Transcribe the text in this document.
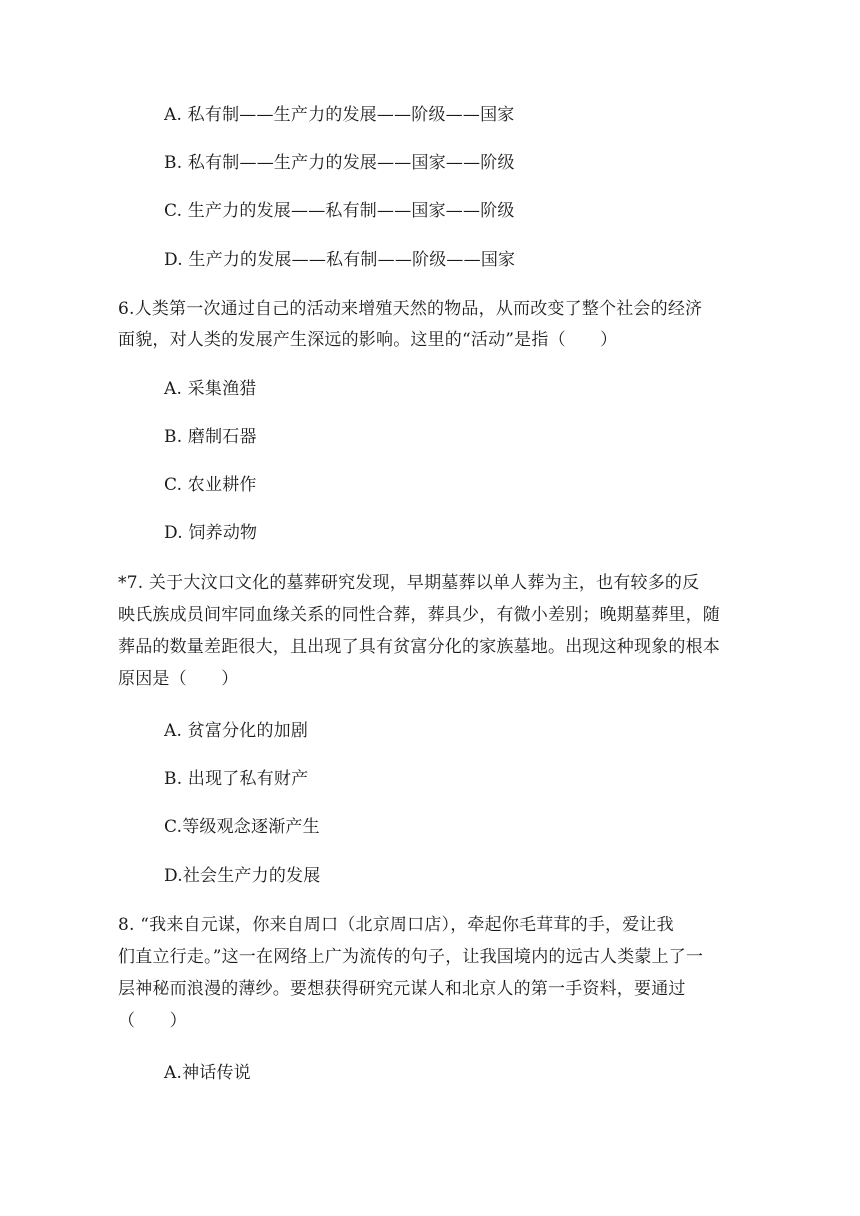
A. 私有制——生产力的发展——阶级——国家
B. 私有制——生产力的发展——国家——阶级
C. 生产力的发展——私有制——国家——阶级
D. 生产力的发展——私有制——阶级——国家
6.人类第一次通过自己的活动来增殖天然的物品，从而改变了整个社会的经济
面貌，对人类的发展产生深远的影响。这里的“活动”是指（　　）
A. 采集渔猎
B. 磨制石器
C. 农业耕作
D. 饲养动物
*7. 关于大汶口文化的墓葬研究发现，早期墓葬以单人葬为主，也有较多的反
映氏族成员间牢同血缘关系的同性合葬，葬具少，有微小差别；晚期墓葬里，随
葬品的数量差距很大，且出现了具有贫富分化的家族墓地。出现这种现象的根本
原因是（　　）
A. 贫富分化的加剧
B. 出现了私有财产
C.等级观念逐渐产生
D.社会生产力的发展
8. “我来自元谋，你来自周口（北京周口店），牵起你毛茸茸的手，爱让我
们直立行走。”这一在网络上广为流传的句子，让我国境内的远古人类蒙上了一
层神秘而浪漫的薄纱。要想获得研究元谋人和北京人的第一手资料，要通过
（　　）
A.神话传说
